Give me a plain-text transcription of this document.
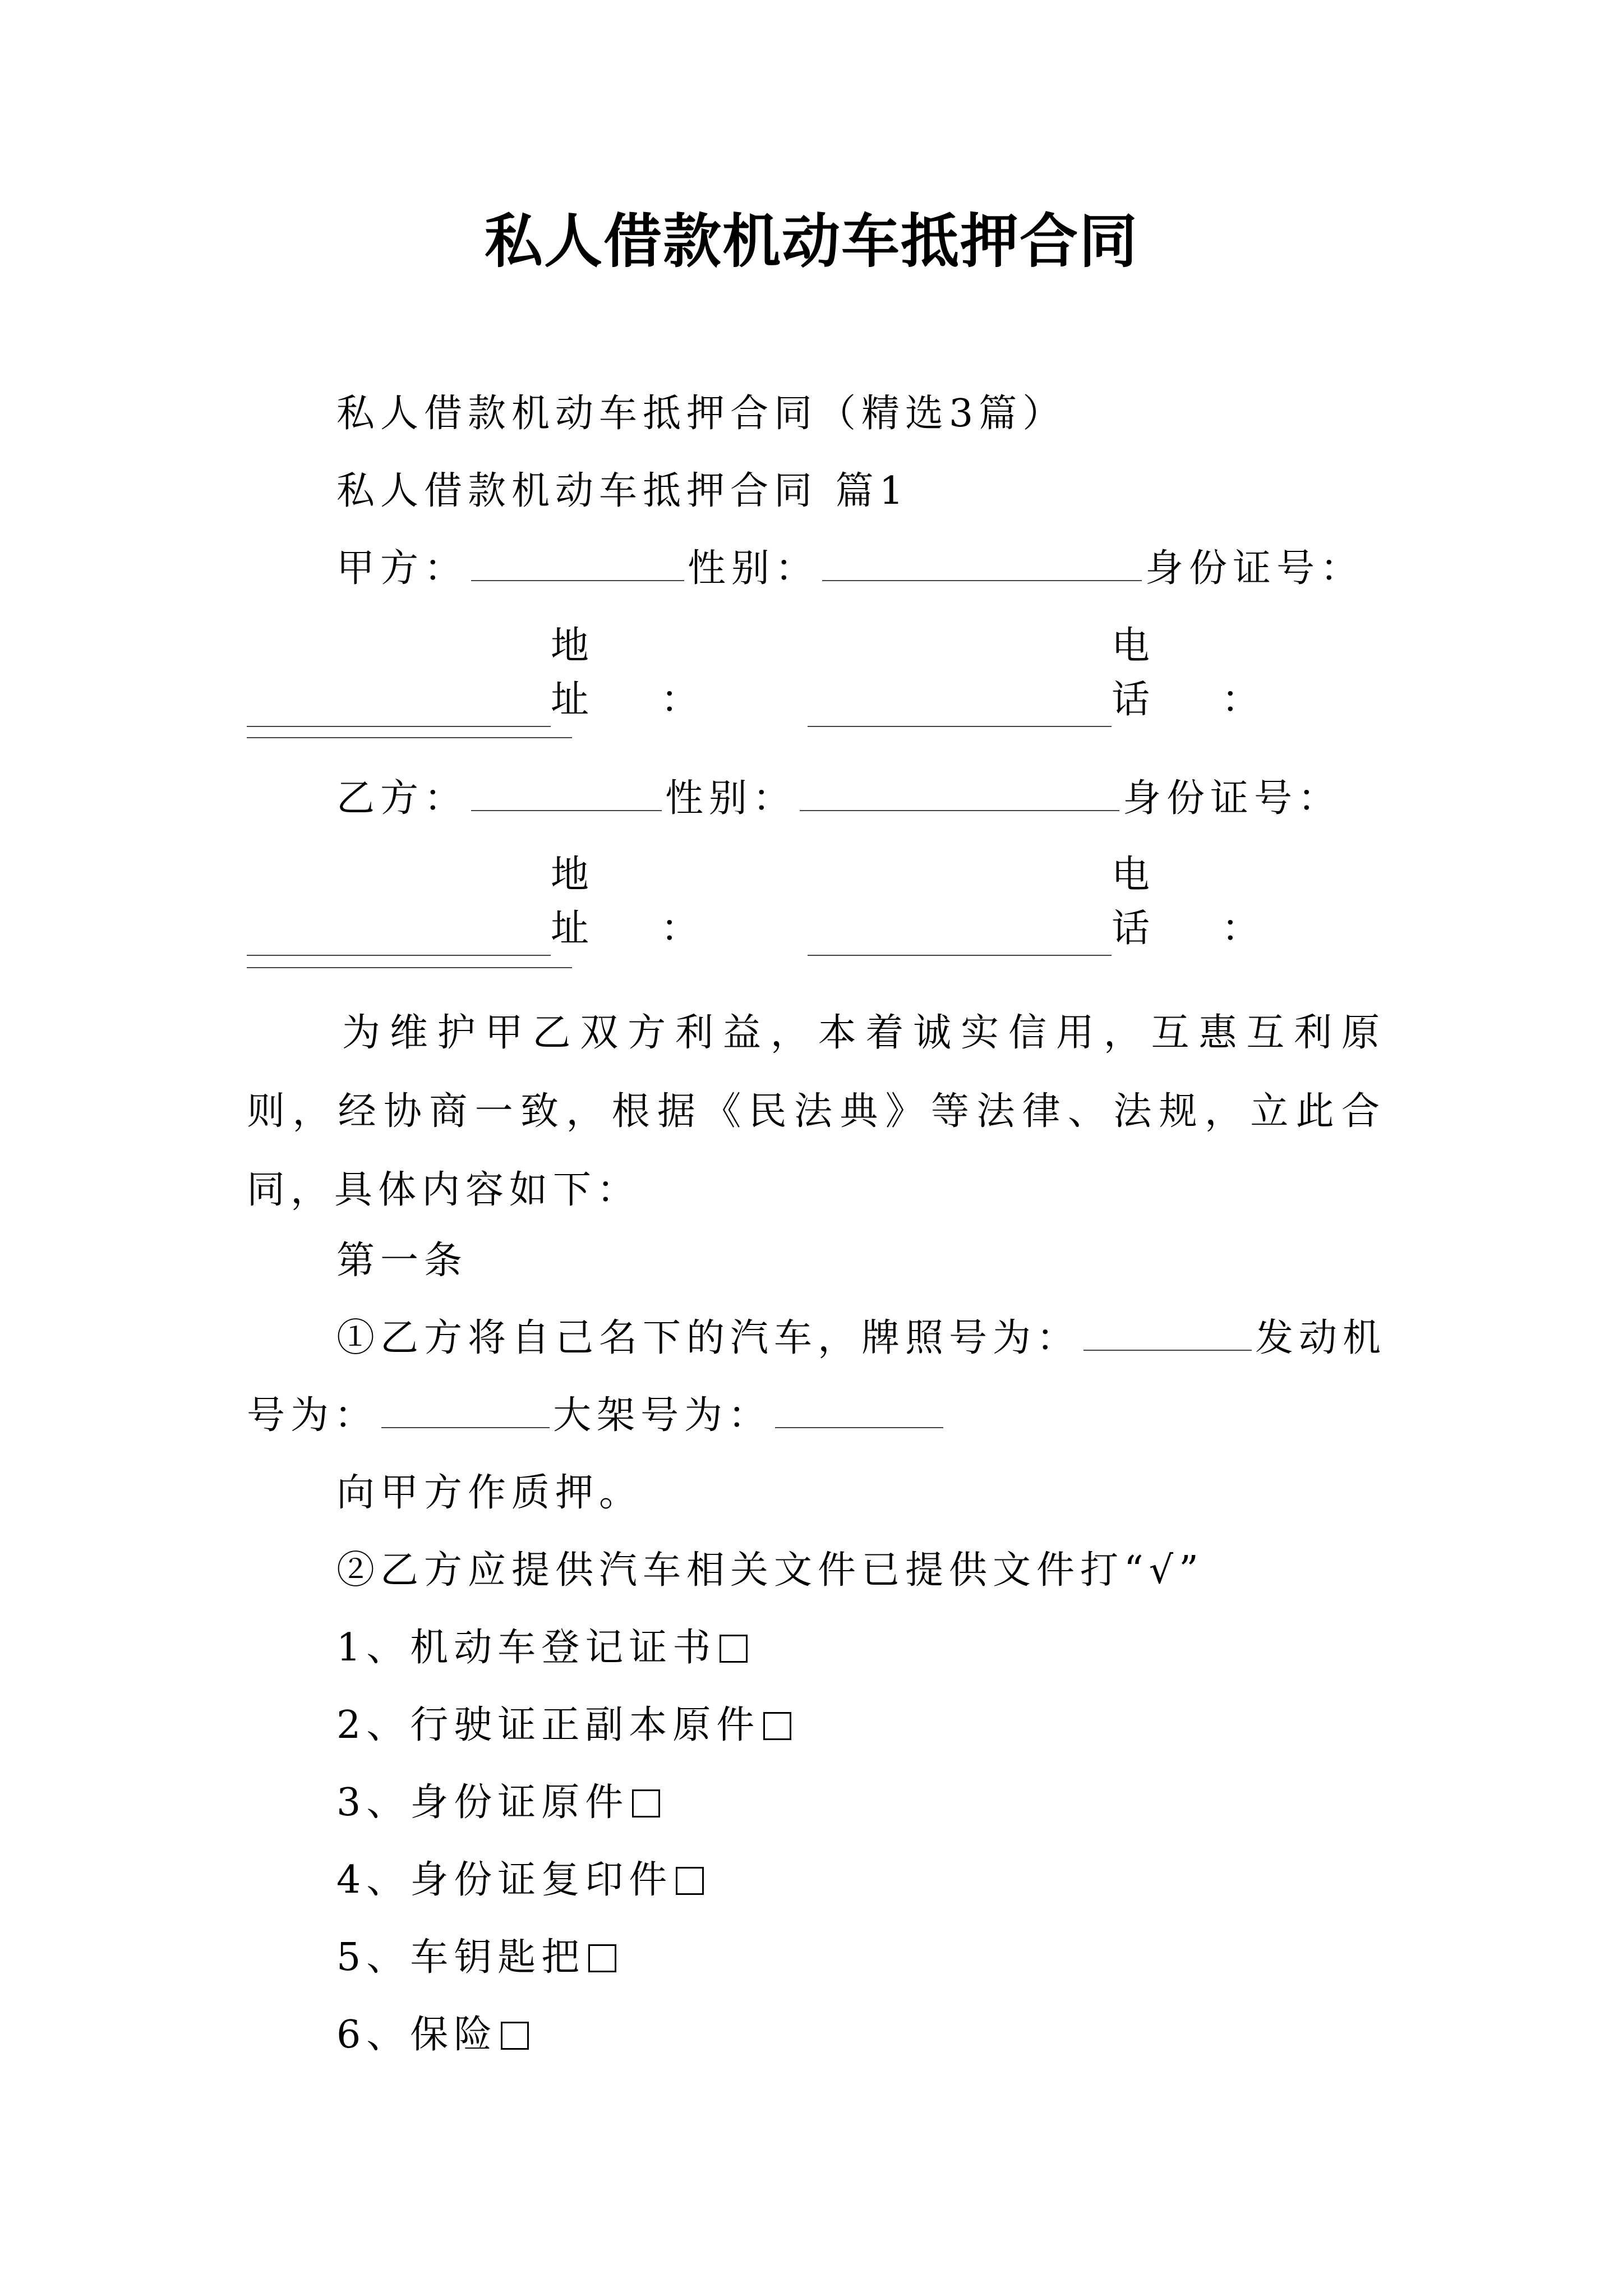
私人借款机动车抵押合同
私人借款机动车抵押合同（精选3篇）
私人借款机动车抵押合同 篇1
甲方：	性别：	身份证号：
地　址　：
电　话　：
乙方：	性别：	身份证号：
地　址　：
电　话　：
为维护甲乙双方利益，本着诚实信用，互惠互利原则，经协商一致，根据《民法典》等法律、法规，立此合同，具体内容如下：
第一条
①乙方将自己名下的汽车，牌照号为：	发动机
号为：	大架号为：
向甲方作质押。
②乙方应提供汽车相关文件已提供文件打“√”
1、机动车登记证书
2、行驶证正副本原件
3、身份证原件
4、身份证复印件
5、车钥匙把
6、保险
